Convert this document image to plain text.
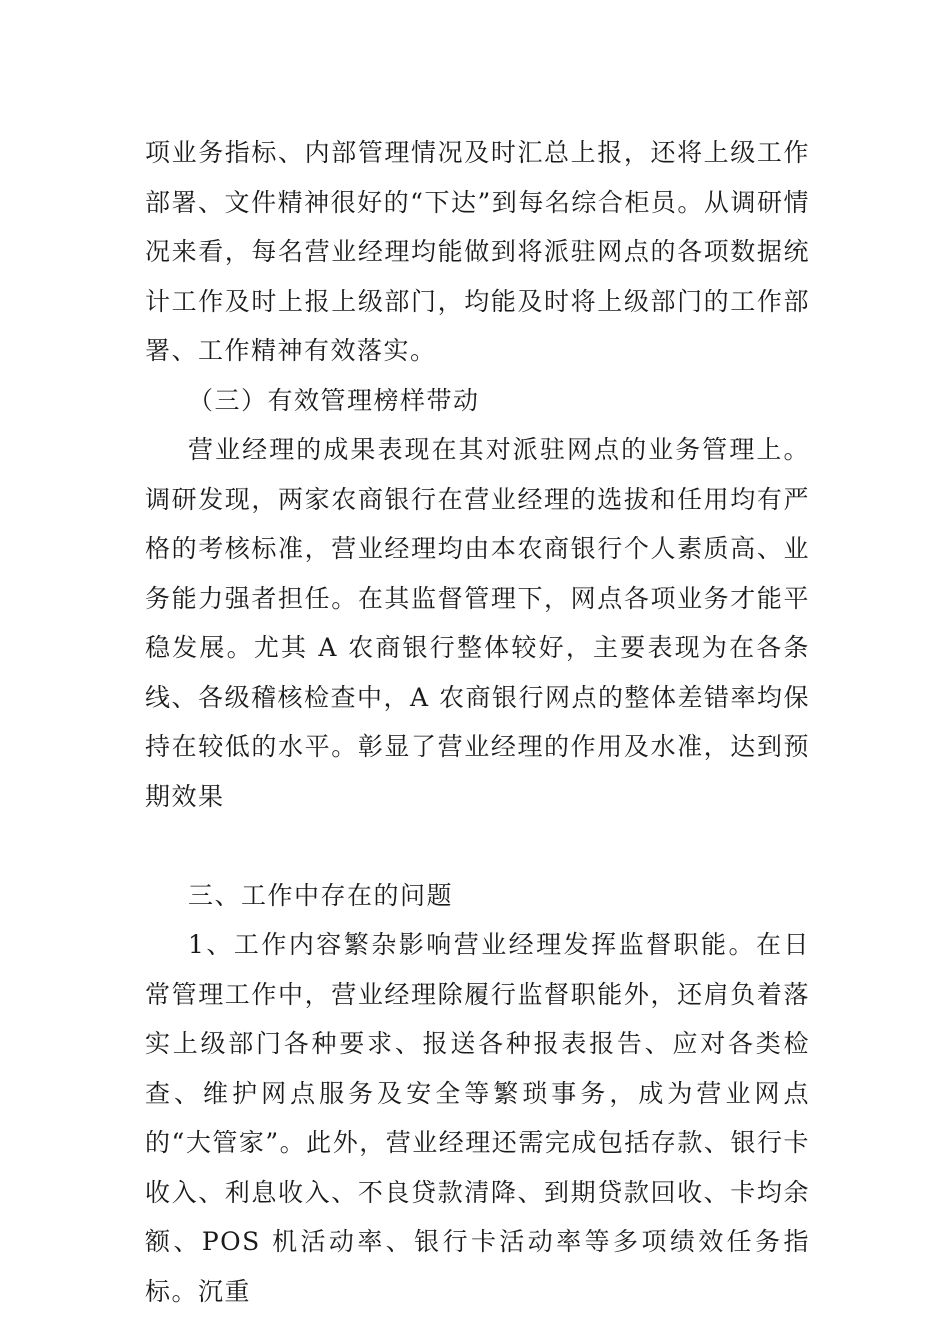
项业务指标、内部管理情况及时汇总上报，还将上级工作部署、文件精神很好的“下达”到每名综合柜员。从调研情况来看，每名营业经理均能做到将派驻网点的各项数据统计工作及时上报上级部门，均能及时将上级部门的工作部署、工作精神有效落实。

（三）有效管理榜样带动

营业经理的成果表现在其对派驻网点的业务管理上。调研发现，两家农商银行在营业经理的选拔和任用均有严格的考核标准，营业经理均由本农商银行个人素质高、业务能力强者担任。在其监督管理下，网点各项业务才能平稳发展。尤其 A 农商银行整体较好，主要表现为在各条线、各级稽核检查中，A 农商银行网点的整体差错率均保持在较低的水平。彰显了营业经理的作用及水准，达到预期效果

三、工作中存在的问题

1、工作内容繁杂影响营业经理发挥监督职能。在日常管理工作中，营业经理除履行监督职能外，还肩负着落实上级部门各种要求、报送各种报表报告、应对各类检查、维护网点服务及安全等繁琐事务，成为营业网点的“大管家”。此外，营业经理还需完成包括存款、银行卡收入、利息收入、不良贷款清降、到期贷款回收、卡均余额、POS 机活动率、银行卡活动率等多项绩效任务指标。沉重
